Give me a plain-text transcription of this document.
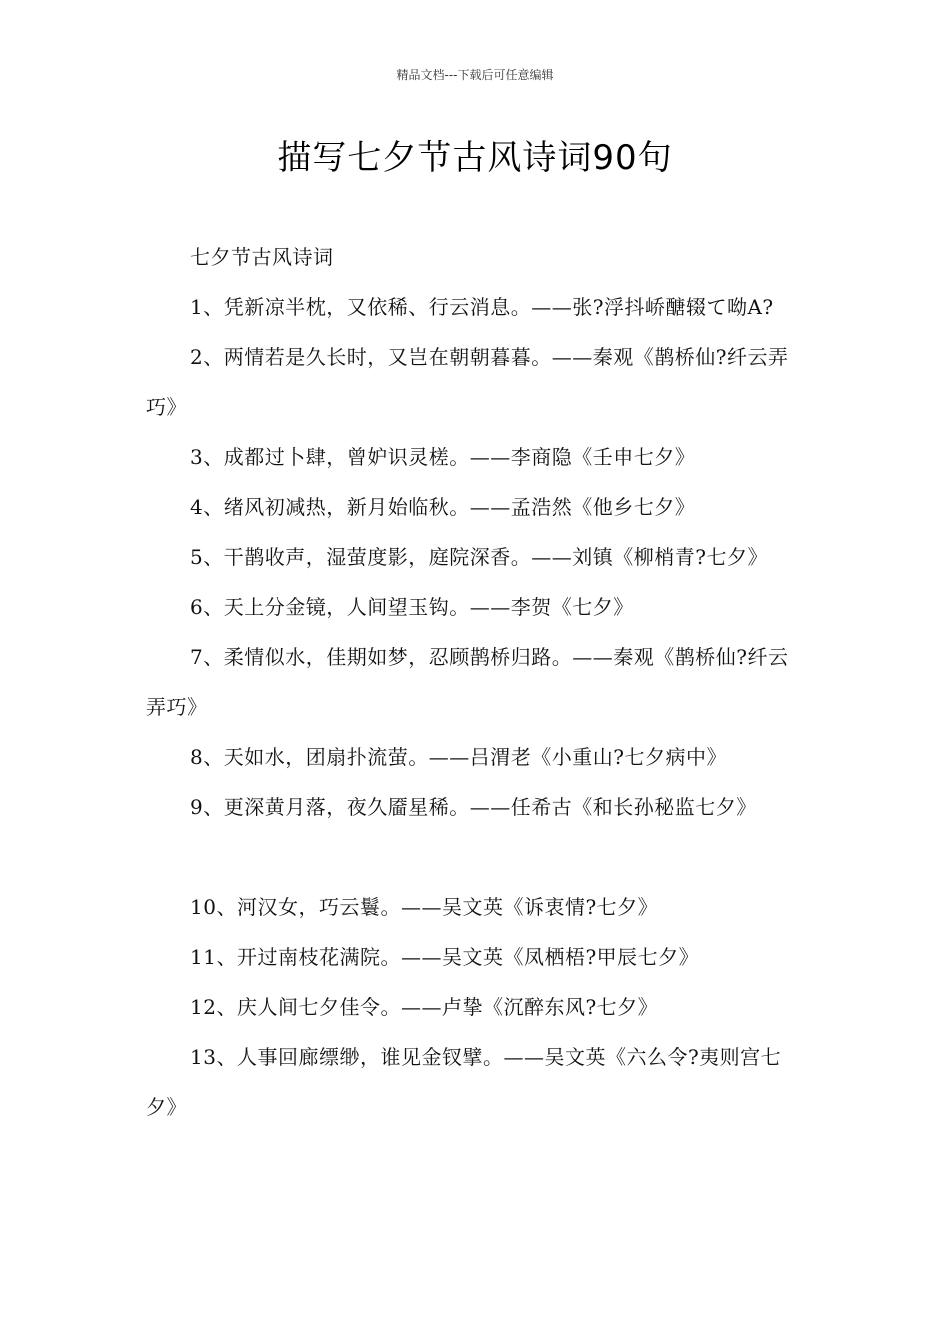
精品文档---下载后可任意编辑
描写七夕节古风诗词90句

七夕节古风诗词

1、凭新凉半枕，又依稀、行云消息。——张?浮抖峤醣辍て呦Α?

2、两情若是久长时，又岂在朝朝暮暮。——秦观《鹊桥仙?纤云弄巧》

3、成都过卜肆，曾妒识灵槎。——李商隐《壬申七夕》

4、绪风初减热，新月始临秋。——孟浩然《他乡七夕》

5、干鹊收声，湿萤度影，庭院深香。——刘镇《柳梢青?七夕》

6、天上分金镜，人间望玉钩。——李贺《七夕》

7、柔情似水，佳期如梦，忍顾鹊桥归路。——秦观《鹊桥仙?纤云弄巧》

8、天如水，团扇扑流萤。——吕渭老《小重山?七夕病中》

9、更深黄月落，夜久靥星稀。——任希古《和长孙秘监七夕》

10、河汉女，巧云鬟。——吴文英《诉衷情?七夕》

11、开过南枝花满院。——吴文英《凤栖梧?甲辰七夕》

12、庆人间七夕佳令。——卢挚《沉醉东风?七夕》

13、人事回廊缥缈，谁见金钗擘。——吴文英《六么令?夷则宫七夕》
